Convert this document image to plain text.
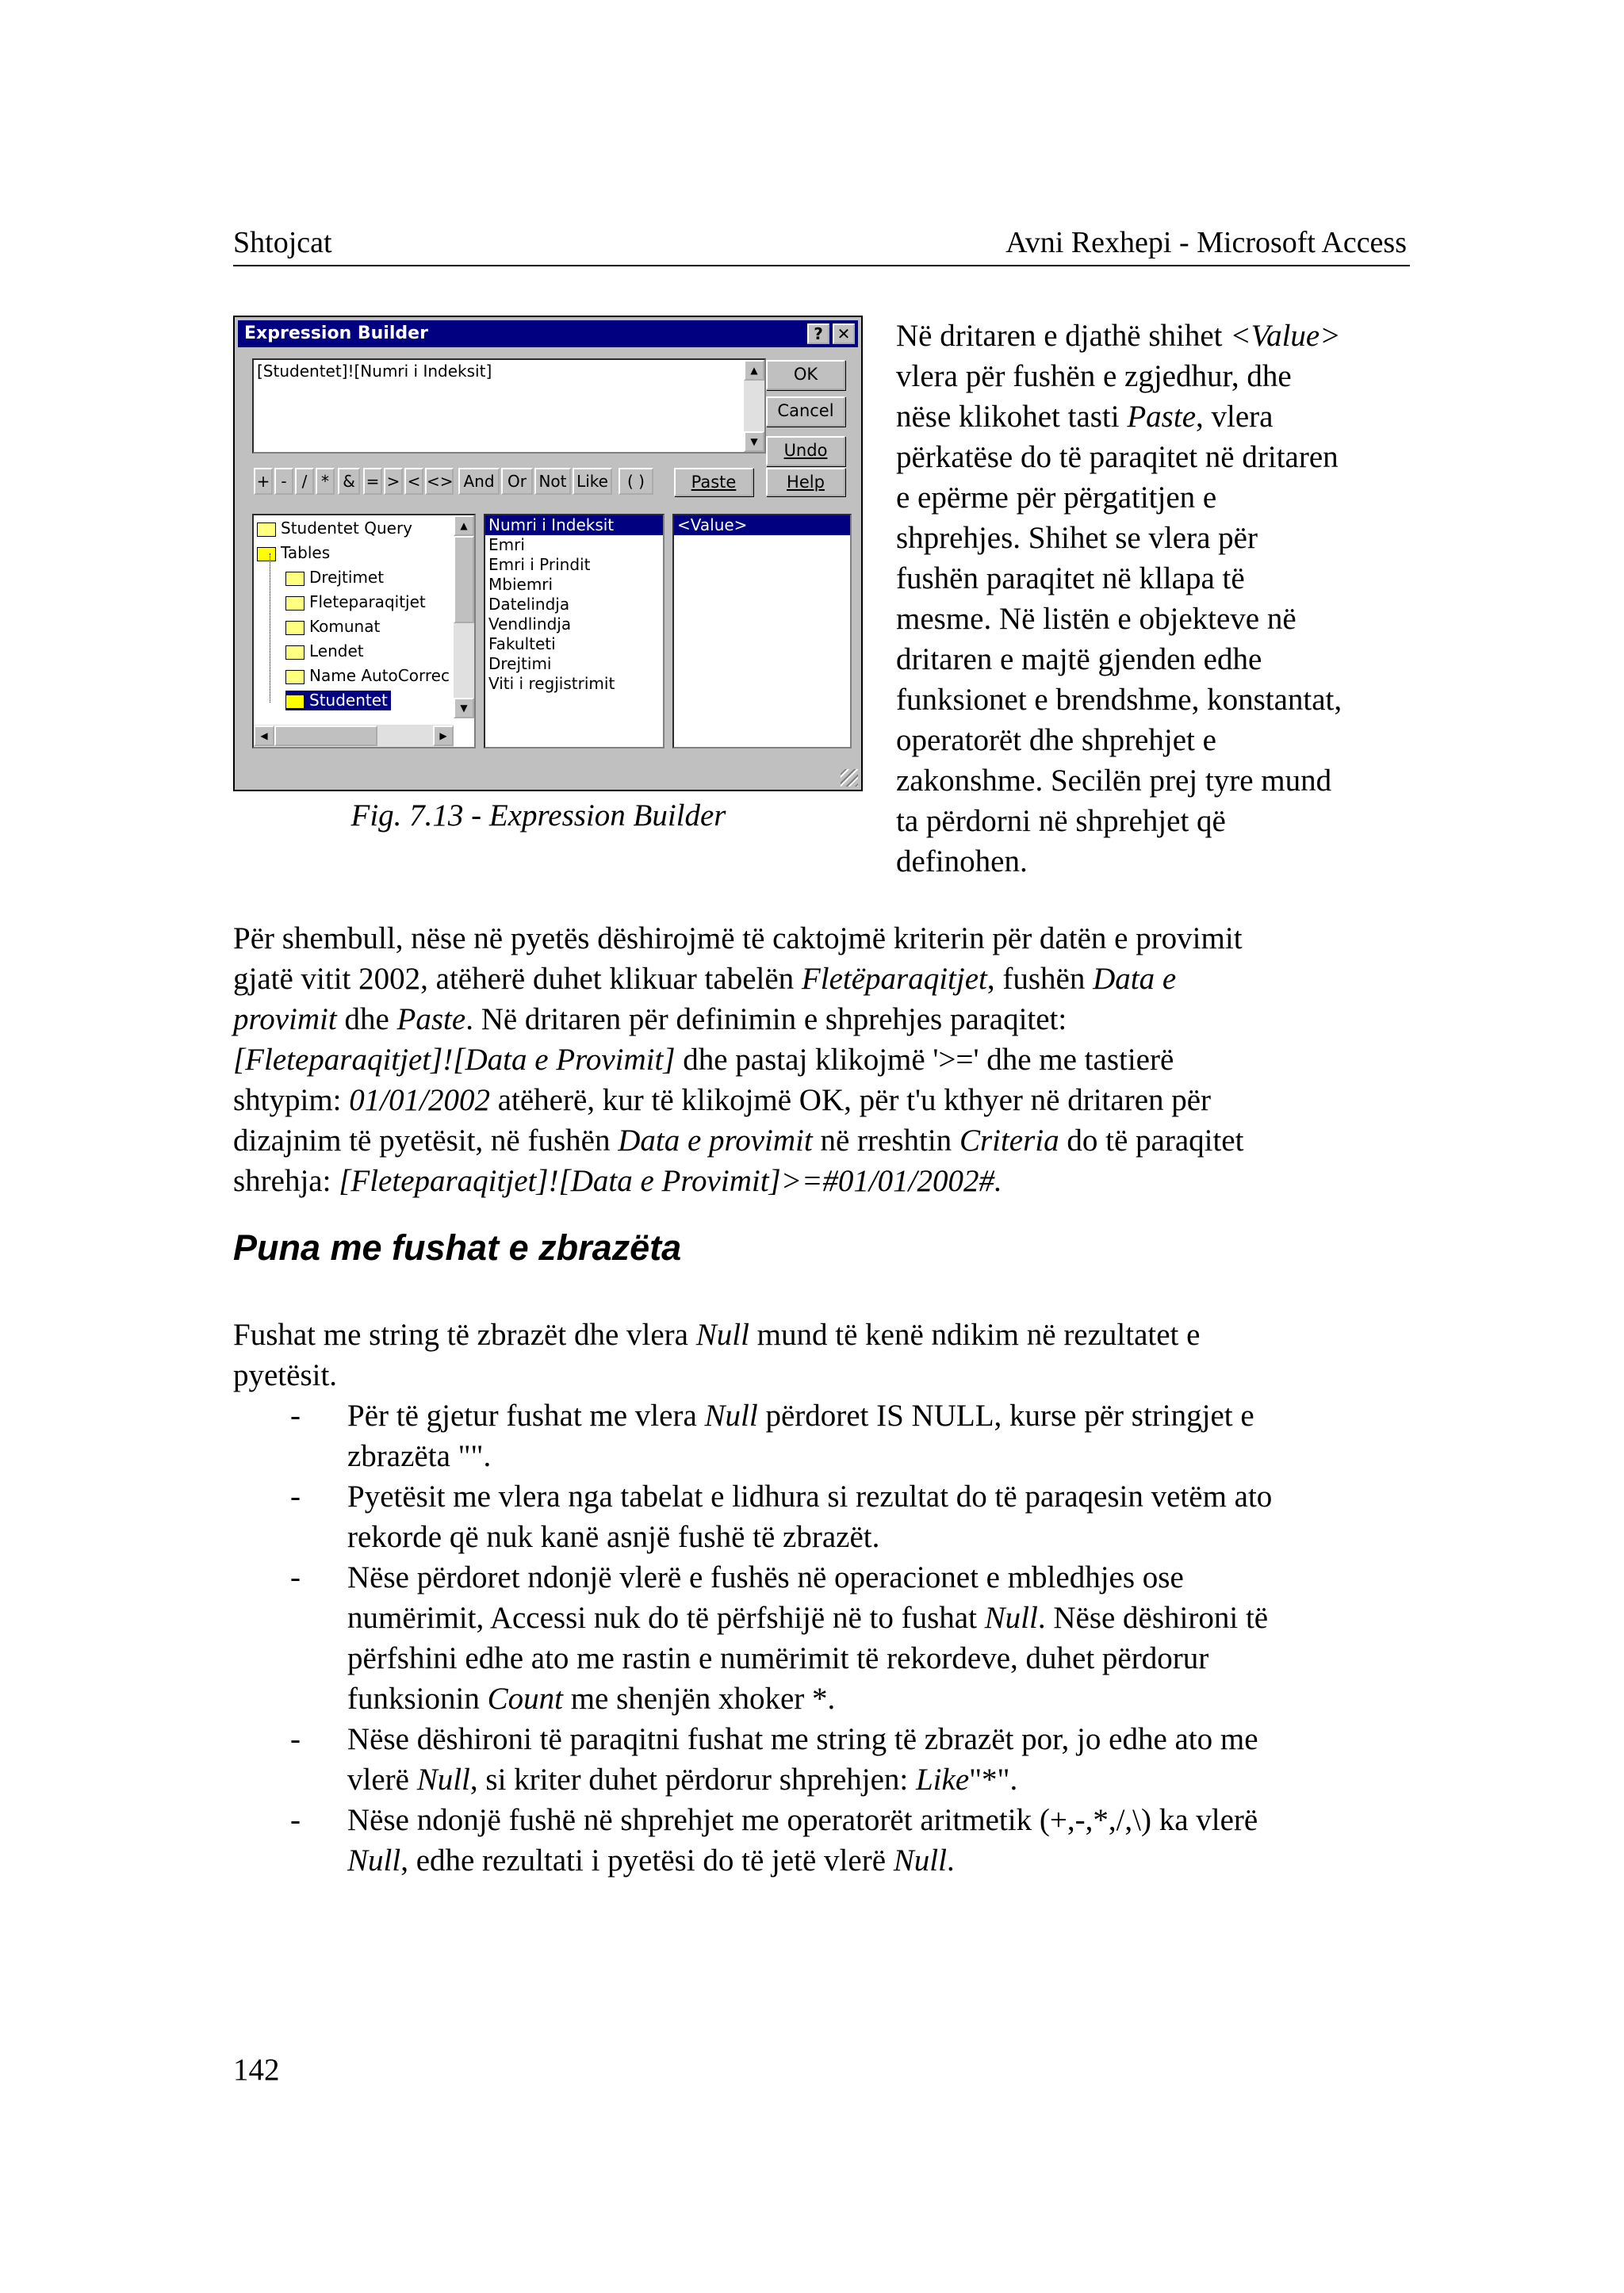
Shtojcat	Avni Rexhepi - Microsoft Access
Expression Builder	? ✕
[Studentet]![Numri i Indeksit]	▲
▼
OK
Cancel
Undo
+ - / * & = > < <> And Or Not Like	( )	Paste	Help
Studentet Query
Tables
Drejtimet
Fleteparaqitjet
Komunat
Lendet
Name AutoCorrec
Studentet
▲
▼
◀	▶
Numri i Indeksit
Emri
Emri i Prindit
Mbiemri
Datelindja
Vendlindja
Fakulteti
Drejtimi
Viti i regjistrimit
<Value>
Fig. 7.13 - Expression Builder
Në dritaren e djathë shihet <Value>
vlera për fushën e zgjedhur, dhe
nëse klikohet tasti Paste, vlera
përkatëse do të paraqitet në dritaren
e epërme për përgatitjen e
shprehjes. Shihet se vlera për
fushën paraqitet në kllapa të
mesme. Në listën e objekteve në
dritaren e majtë gjenden edhe
funksionet e brendshme, konstantat,
operatorët dhe shprehjet e
zakonshme. Secilën prej tyre mund
ta përdorni në shprehjet që
definohen.
Për shembull, nëse në pyetës dëshirojmë të caktojmë kriterin për datën e provimit
gjatë vitit 2002, atëherë duhet klikuar tabelën Fletëparaqitjet, fushën Data e
provimit dhe Paste. Në dritaren për definimin e shprehjes paraqitet:
[Fleteparaqitjet]![Data e Provimit] dhe pastaj klikojmë '>=' dhe me tastierë
shtypim: 01/01/2002 atëherë, kur të klikojmë OK, për t'u kthyer në dritaren për
dizajnim të pyetësit, në fushën Data e provimit në rreshtin Criteria do të paraqitet
shrehja: [Fleteparaqitjet]![Data e Provimit]>=#01/01/2002#.
Puna me fushat e zbrazëta
Fushat me string të zbrazët dhe vlera Null mund të kenë ndikim në rezultatet e
pyetësit.
- Për të gjetur fushat me vlera Null përdoret IS NULL, kurse për stringjet e
zbrazëta "".
- Pyetësit me vlera nga tabelat e lidhura si rezultat do të paraqesin vetëm ato
rekorde që nuk kanë asnjë fushë të zbrazët.
- Nëse përdoret ndonjë vlerë e fushës në operacionet e mbledhjes ose
numërimit, Accessi nuk do të përfshijë në to fushat Null. Nëse dëshironi të
përfshini edhe ato me rastin e numërimit të rekordeve, duhet përdorur
funksionin Count me shenjën xhoker *.
- Nëse dëshironi të paraqitni fushat me string të zbrazët por, jo edhe ato me
vlerë Null, si kriter duhet përdorur shprehjen: Like"*".
- Nëse ndonjë fushë në shprehjet me operatorët aritmetik (+,-,*,/,\) ka vlerë
Null, edhe rezultati i pyetësi do të jetë vlerë Null.
142
